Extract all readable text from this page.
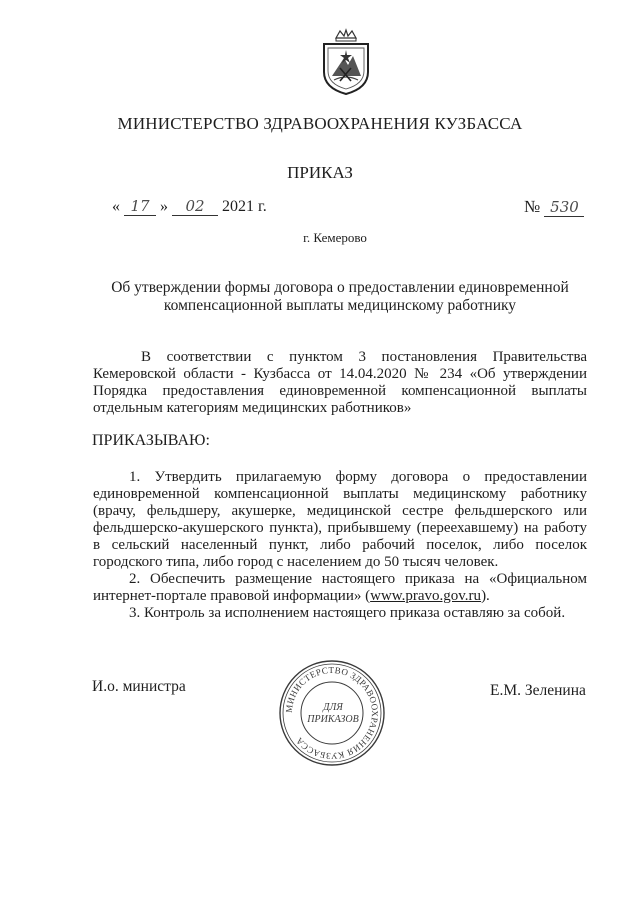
МИНИСТЕРСТВО ЗДРАВООХРАНЕНИЯ КУЗБАССА
ПРИКАЗ
« 17 » 02 2021 г.	№ 530
г. Кемерово
Об утверждении формы договора о предоставлении единовременной
компенсационной выплаты медицинскому работнику
В соответствии с пунктом 3 постановления Правительства Кемеровской области - Кузбасса от 14.04.2020 № 234 «Об утверждении Порядка предоставления единовременной компенсационной выплаты отдельным категориям медицинских работников»
ПРИКАЗЫВАЮ:

1. Утвердить прилагаемую форму договора о предоставлении единовременной компенсационной выплаты медицинскому работнику (врачу, фельдшеру, акушерке, медицинской сестре фельдшерского или фельдшерско-акушерского пункта), прибывшему (переехавшему) на работу в сельский населенный пункт, либо рабочий поселок, либо поселок городского типа, либо город с населением до 50 тысяч человек.

2. Обеспечить размещение настоящего приказа на «Официальном интернет-портале правовой информации» (www.pravo.gov.ru).

3. Контроль за исполнением настоящего приказа оставляю за собой.

И.о. министра
МИНИСТЕРСТВО ЗДРАВООХРАНЕНИЯ КУЗБАССА
ДЛЯ
ПРИКАЗОВ
Е.М. Зеленина
